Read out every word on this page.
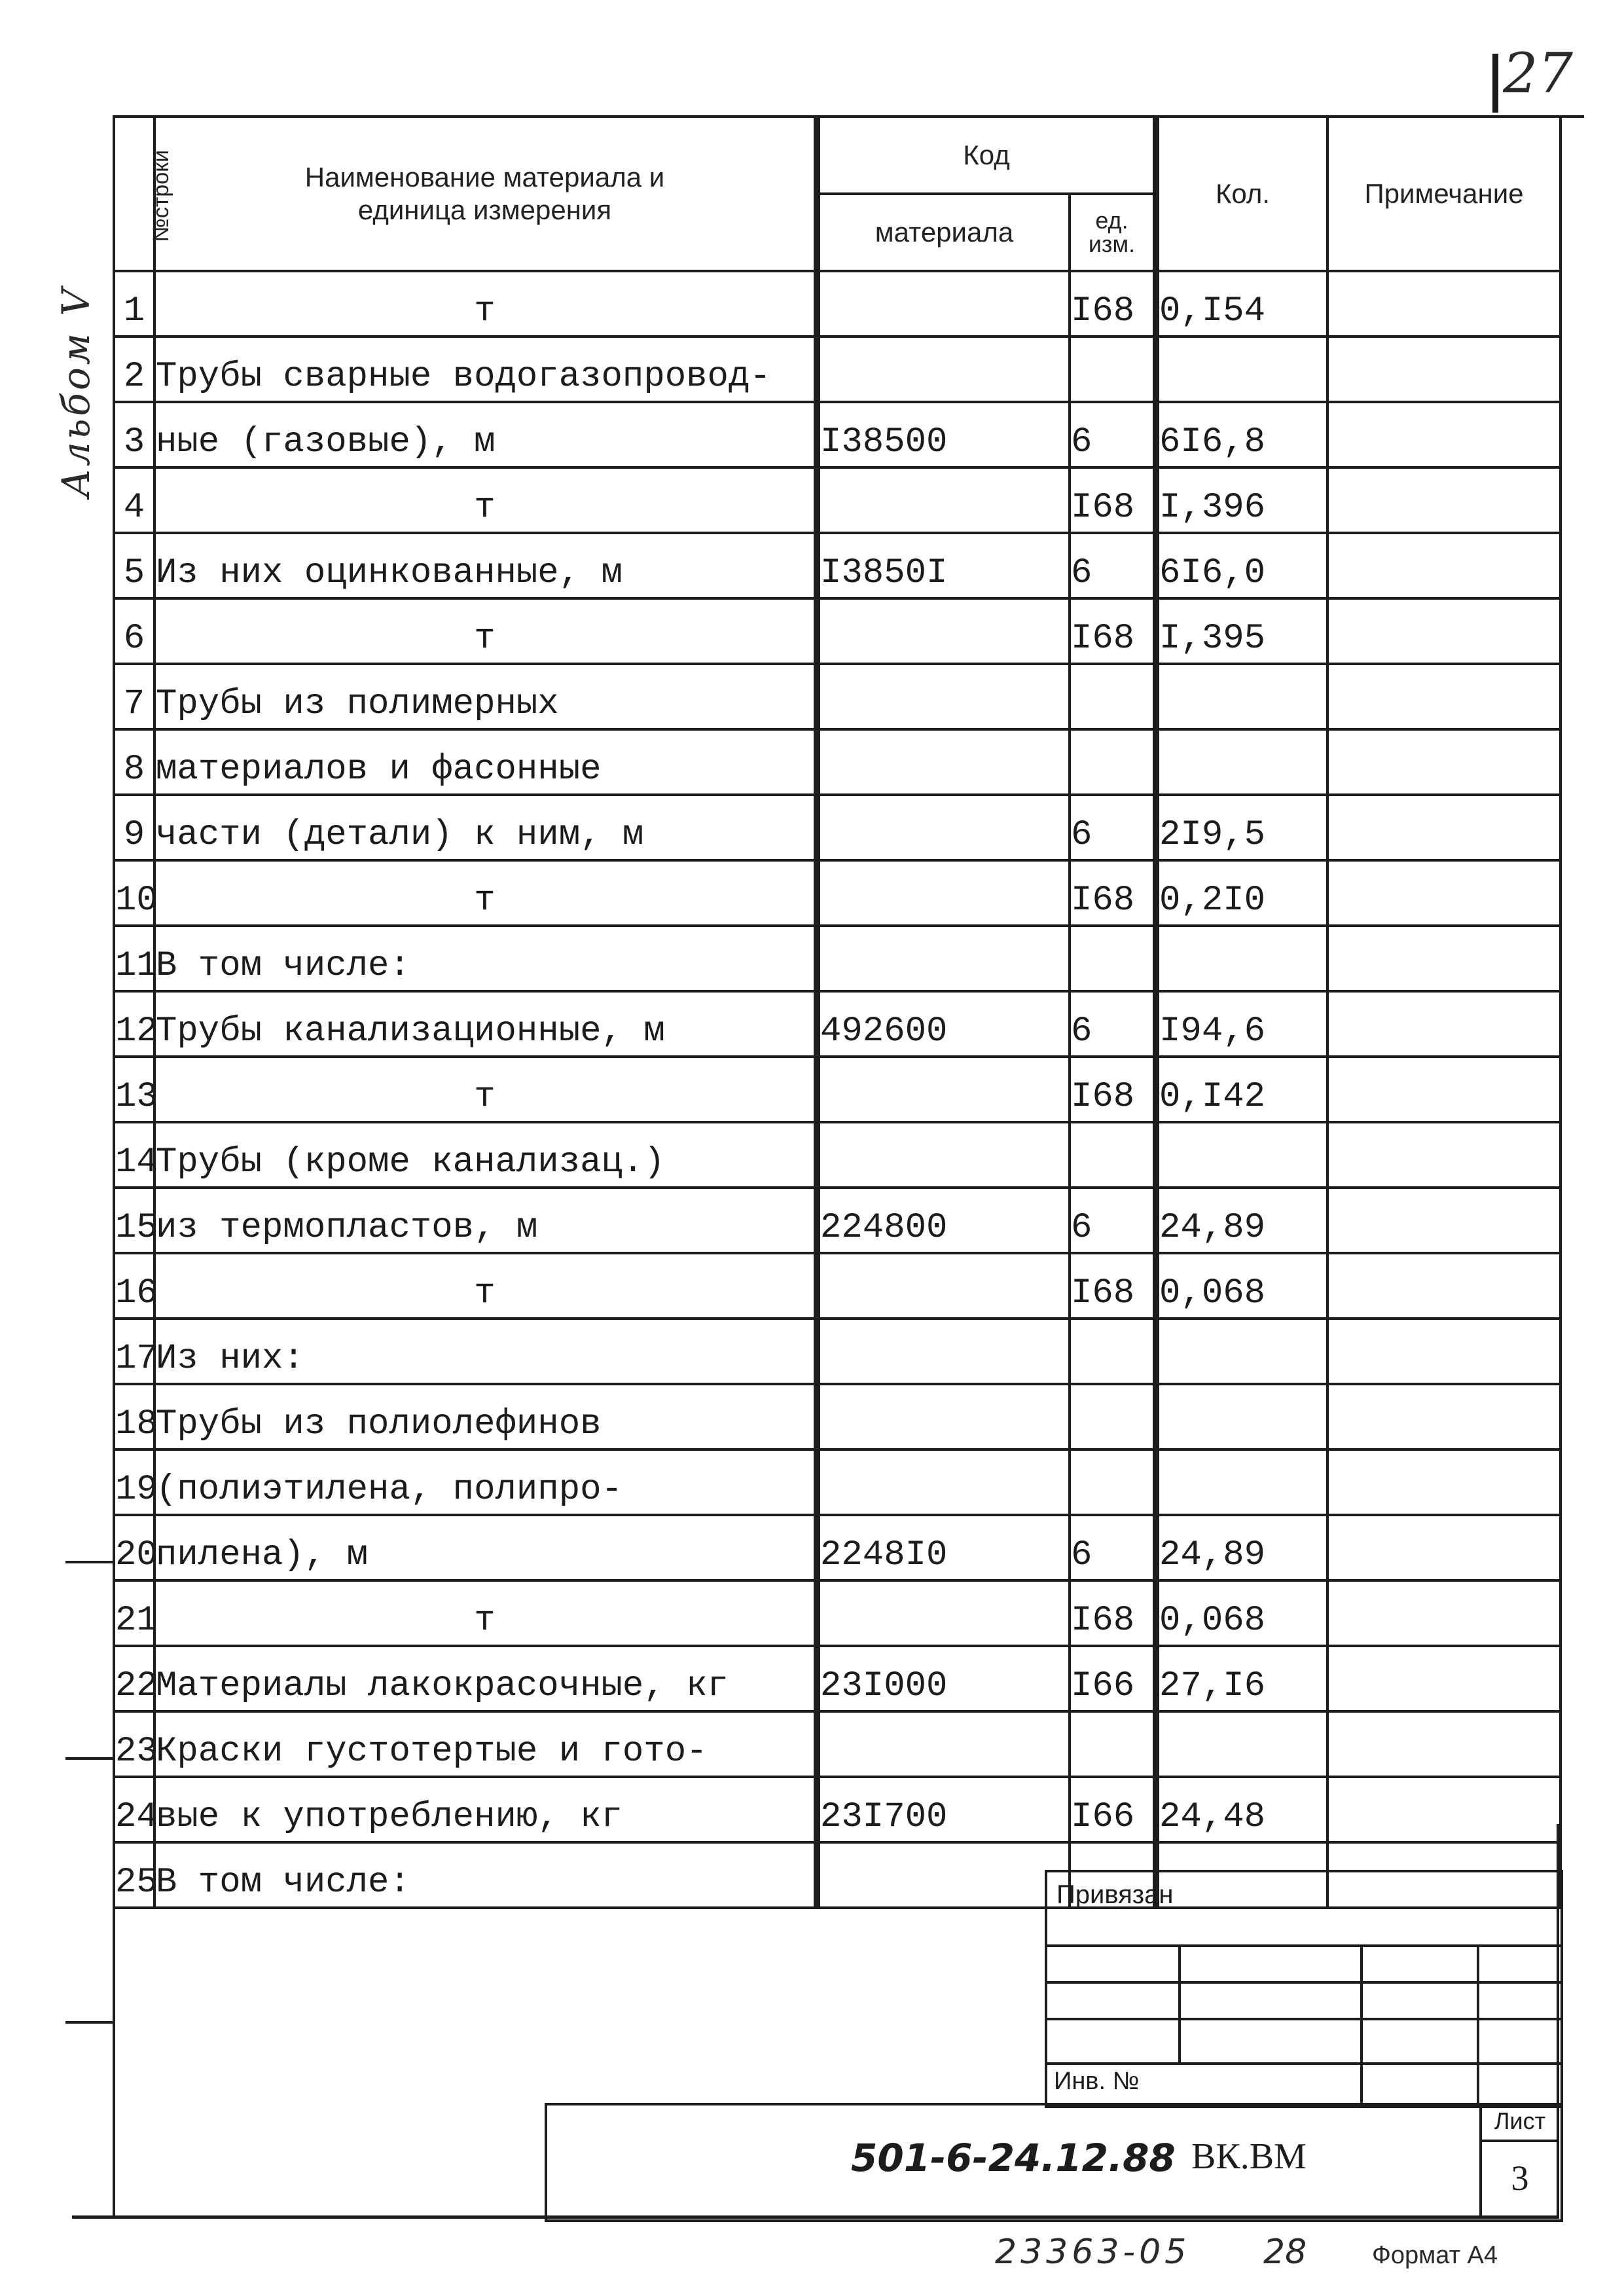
27
Альбом V
№строки	Наименование материала и
единица измерения	Код		Кол.	Примечание
		материала	ед.
изм.		
1	т		I68	0,I54	
2	Трубы сварные водогазопровод-				
3	ные (газовые), м	I38500	6	6I6,8	
4	т		I68	I,396	
5	Из них оцинкованные, м	I3850I	6	6I6,0	
6	т		I68	I,395	
7	Трубы из полимерных				
8	материалов и фасонные				
9	части (детали) к ним, м		6	2I9,5	
10	т		I68	0,2I0	
11	В том числе:				
12	Трубы канализационные, м	492600	6	I94,6	
13	т		I68	0,I42	
14	Трубы (кроме канализац.)				
15	из термопластов, м	224800	6	24,89	
16	т		I68	0,068	
17	Из них:				
18	Трубы из полиолефинов				
19	(полиэтилена, полипро-				
20	пилена), м	2248I0	6	24,89	
21	т		I68	0,068	
22	Материалы лакокрасочные, кг	23I000	I66	27,I6	
23	Краски густотертые и гото-				
24	вые к употреблению, кг	23I700	I66	24,48	
25	В том числе:					Привязан
Инв. №
501-6-24.12.88 ВК.ВМ
Лист
3
23363-05 28	Формат А4
